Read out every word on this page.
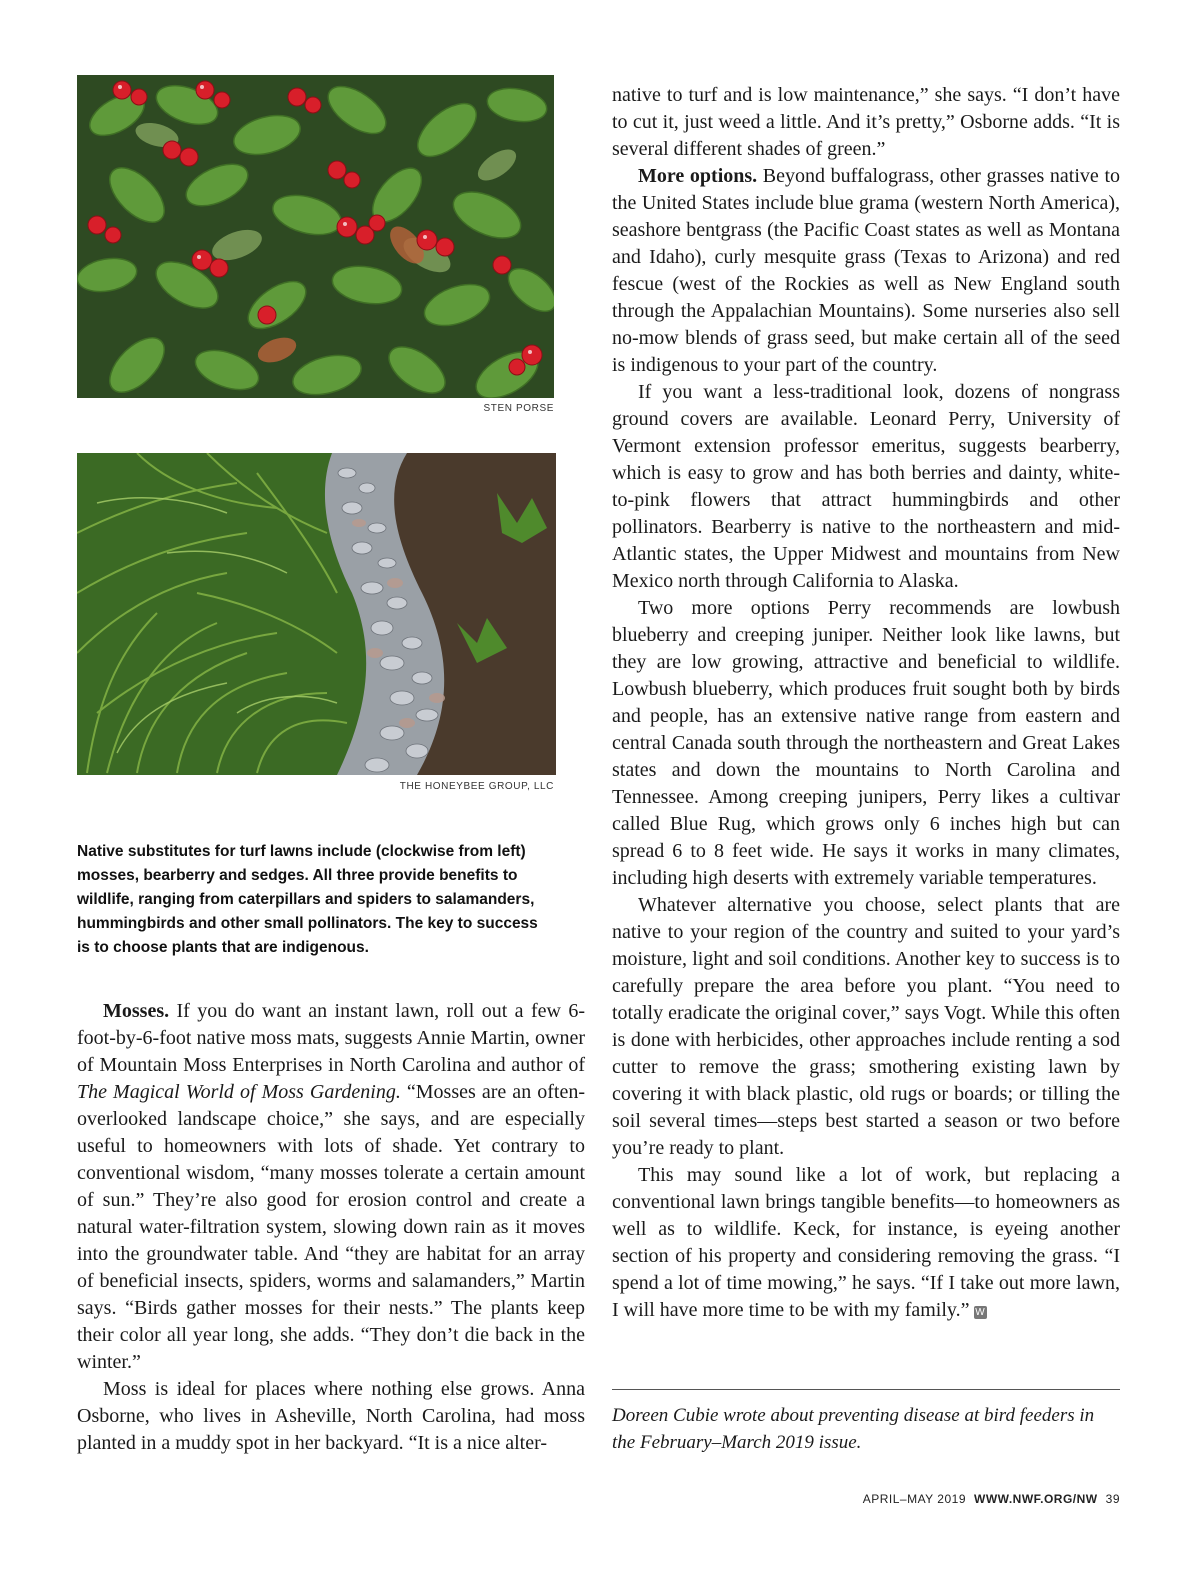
STEN PORSE
THE HONEYBEE GROUP, LLC
Native substitutes for turf lawns include (clockwise from left) mosses, bearberry and sedges. All three provide benefits to wildlife, ranging from caterpillars and spiders to salamanders, hummingbirds and other small pollinators. The key to success is to choose plants that are indigenous.

Mosses. If you do want an instant lawn, roll out a few 6-foot-by-6-foot native moss mats, suggests Annie Martin, owner of Mountain Moss Enterprises in North Carolina and author of The Magical World of Moss Gardening. “Mosses are an often-overlooked landscape choice,” she says, and are especially useful to homeowners with lots of shade. Yet contrary to conventional wisdom, “many mosses tolerate a certain amount of sun.” They’re also good for erosion control and create a natural water-filtration system, slowing down rain as it moves into the groundwater table. And “they are habitat for an array of beneficial insects, spiders, worms and salamanders,” Martin says. “Birds gather mosses for their nests.” The plants keep their color all year long, she adds. “They don’t die back in the winter.”

Moss is ideal for places where nothing else grows. Anna Osborne, who lives in Asheville, North Carolina, had moss planted in a muddy spot in her backyard. “It is a nice alter-

native to turf and is low maintenance,” she says. “I don’t have to cut it, just weed a little. And it’s pretty,” Osborne adds. “It is several different shades of green.”

More options. Beyond buffalograss, other grasses native to the United States include blue grama (western North America), seashore bentgrass (the Pacific Coast states as well as Montana and Idaho), curly mesquite grass (Texas to Arizona) and red fescue (west of the Rockies as well as New England south through the Appalachian Mountains). Some nurseries also sell no-mow blends of grass seed, but make certain all of the seed is indigenous to your part of the country.

If you want a less-traditional look, dozens of nongrass ground covers are available. Leonard Perry, University of Vermont extension professor emeritus, suggests bearberry, which is easy to grow and has both berries and dainty, white-to-pink flowers that attract hummingbirds and other pollinators. Bearberry is native to the northeastern and mid-Atlantic states, the Upper Midwest and mountains from New Mexico north through California to Alaska.

Two more options Perry recommends are lowbush blueberry and creeping juniper. Neither look like lawns, but they are low growing, attractive and beneficial to wildlife. Lowbush blueberry, which produces fruit sought both by birds and people, has an extensive native range from eastern and central Canada south through the northeastern and Great Lakes states and down the mountains to North Carolina and Tennessee. Among creeping junipers, Perry likes a cultivar called Blue Rug, which grows only 6 inches high but can spread 6 to 8 feet wide. He says it works in many climates, including high deserts with extremely variable temperatures.

Whatever alternative you choose, select plants that are native to your region of the country and suited to your yard’s moisture, light and soil conditions. Another key to success is to carefully prepare the area before you plant. “You need to totally eradicate the original cover,” says Vogt. While this often is done with herbicides, other approaches include renting a sod cutter to remove the grass; smothering existing lawn by covering it with black plastic, old rugs or boards; or tilling the soil several times—steps best started a season or two before you’re ready to plant.

This may sound like a lot of work, but replacing a conventional lawn brings tangible benefits—to homeowners as well as to wildlife. Keck, for instance, is eyeing another section of his property and considering removing the grass. “I spend a lot of time mowing,” he says. “If I take out more lawn, I will have more time to be with my family.” W

Doreen Cubie wrote about preventing disease at bird feeders in the February–March 2019 issue.
APRIL–MAY 2019 WWW.NWF.ORG/NW 39
